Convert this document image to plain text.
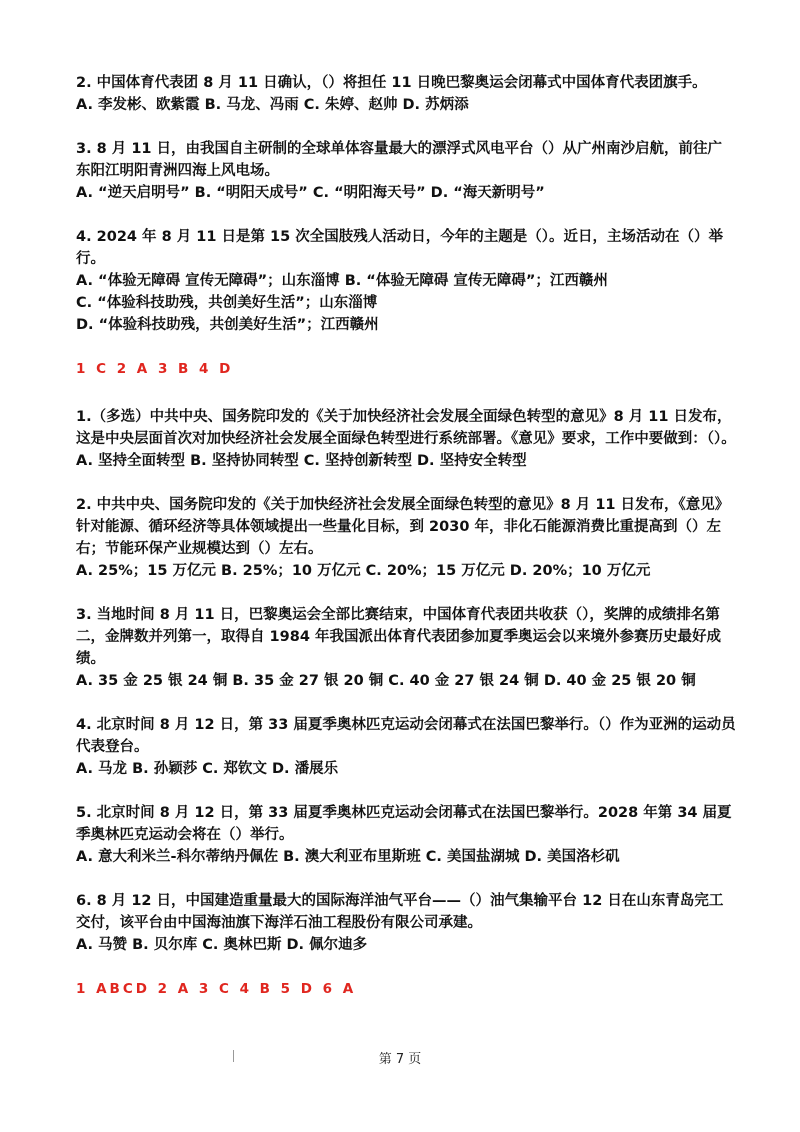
2. 中国体育代表团 8 月 11 日确认，（）将担任 11 日晚巴黎奥运会闭幕式中国体育代表团旗手。

A. 李发彬、欧紫霞 B. 马龙、冯雨 C. 朱婷、赵帅 D. 苏炳添

3. 8 月 11 日，由我国自主研制的全球单体容量最大的漂浮式风电平台（）从广州南沙启航，前往广东阳江明阳青洲四海上风电场。

A. “逆天启明号” B. “明阳天成号” C. “明阳海天号” D. “海天新明号”

4. 2024 年 8 月 11 日是第 15 次全国肢残人活动日，今年的主题是（）。近日，主场活动在（）举行。

A. “体验无障碍 宣传无障碍”；山东淄博 B. “体验无障碍 宣传无障碍”；江西赣州

C. “体验科技助残，共创美好生活”；山东淄博

D. “体验科技助残，共创美好生活”；江西赣州

1 C 2 A 3 B 4 D

1.（多选）中共中央、国务院印发的《关于加快经济社会发展全面绿色转型的意见》8 月 11 日发布，这是中央层面首次对加快经济社会发展全面绿色转型进行系统部署。《意见》要求，工作中要做到：（）。

A. 坚持全面转型 B. 坚持协同转型 C. 坚持创新转型 D. 坚持安全转型

2. 中共中央、国务院印发的《关于加快经济社会发展全面绿色转型的意见》8 月 11 日发布，《意见》针对能源、循环经济等具体领域提出一些量化目标，到 2030 年，非化石能源消费比重提高到（）左右；节能环保产业规模达到（）左右。

A. 25%；15 万亿元 B. 25%；10 万亿元 C. 20%；15 万亿元 D. 20%；10 万亿元

3. 当地时间 8 月 11 日，巴黎奥运会全部比赛结束，中国体育代表团共收获（），奖牌的成绩排名第二，金牌数并列第一，取得自 1984 年我国派出体育代表团参加夏季奥运会以来境外参赛历史最好成绩。

A. 35 金 25 银 24 铜 B. 35 金 27 银 20 铜 C. 40 金 27 银 24 铜 D. 40 金 25 银 20 铜

4. 北京时间 8 月 12 日，第 33 届夏季奥林匹克运动会闭幕式在法国巴黎举行。（）作为亚洲的运动员代表登台。

A. 马龙 B. 孙颖莎 C. 郑钦文 D. 潘展乐

5. 北京时间 8 月 12 日，第 33 届夏季奥林匹克运动会闭幕式在法国巴黎举行。2028 年第 34 届夏季奥林匹克运动会将在（）举行。

A. 意大利米兰-科尔蒂纳丹佩佐 B. 澳大利亚布里斯班 C. 美国盐湖城 D. 美国洛杉矶

6. 8 月 12 日，中国建造重量最大的国际海洋油气平台——（）油气集输平台 12 日在山东青岛完工交付，该平台由中国海油旗下海洋石油工程股份有限公司承建。

A. 马赞 B. 贝尔库 C. 奥林巴斯 D. 佩尔迪多

1 ABCD 2 A 3 C 4 B 5 D 6 A

第 7 页
